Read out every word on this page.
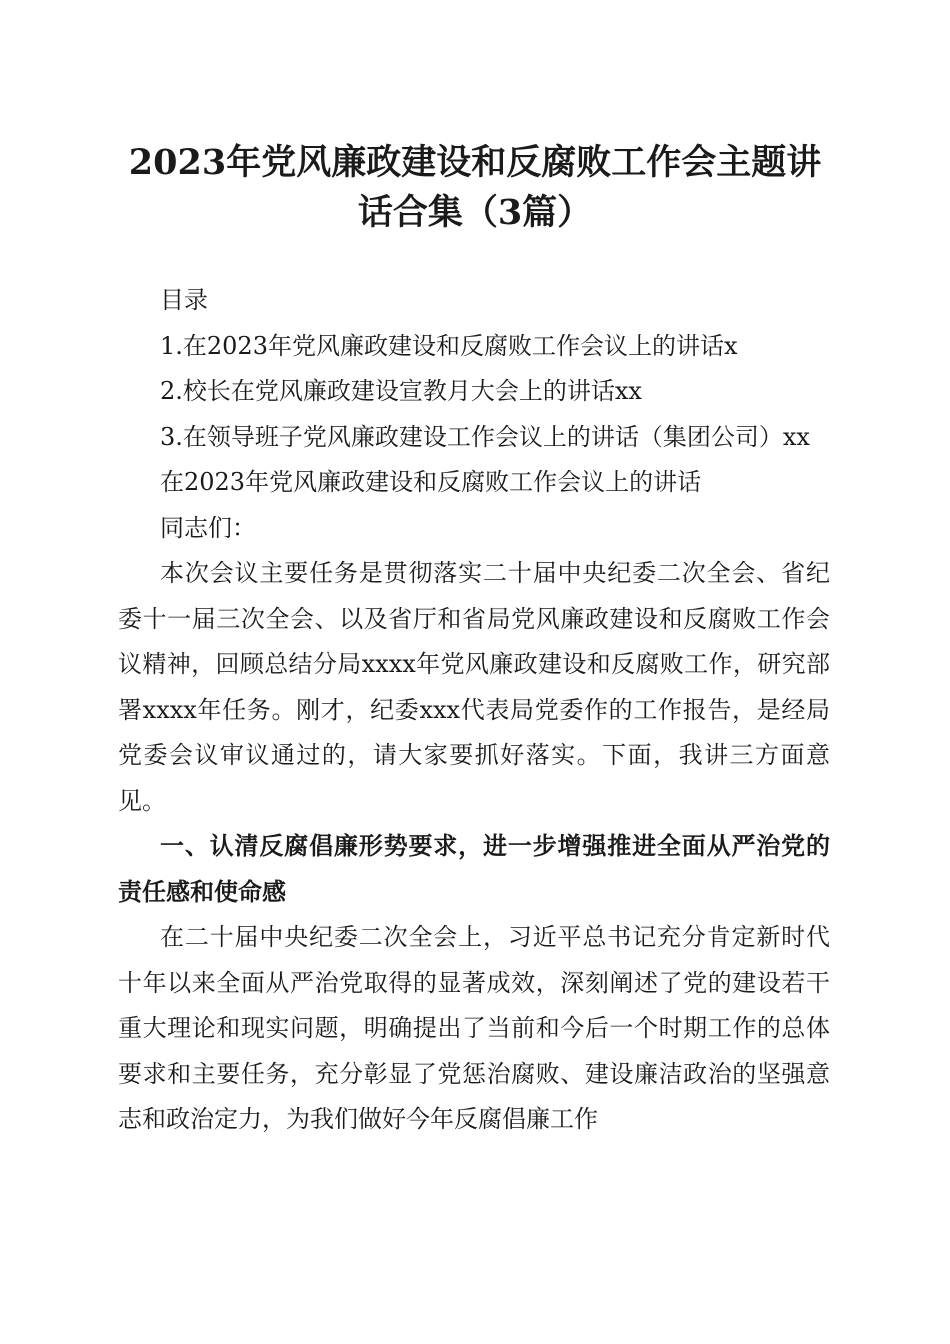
2023年党风廉政建设和反腐败工作会主题讲话合集（3篇）

目录

1.在2023年党风廉政建设和反腐败工作会议上的讲话x

2.校长在党风廉政建设宣教月大会上的讲话xx

3.在领导班子党风廉政建设工作会议上的讲话（集团公司）xx

在2023年党风廉政建设和反腐败工作会议上的讲话

同志们：

本次会议主要任务是贯彻落实二十届中央纪委二次全会、省纪委十一届三次全会、以及省厅和省局党风廉政建设和反腐败工作会议精神，回顾总结分局xxxx年党风廉政建设和反腐败工作，研究部署xxxx年任务。刚才，纪委xxx代表局党委作的工作报告，是经局党委会议审议通过的，请大家要抓好落实。下面，我讲三方面意见。

一、认清反腐倡廉形势要求，进一步增强推进全面从严治党的责任感和使命感

在二十届中央纪委二次全会上，习近平总书记充分肯定新时代十年以来全面从严治党取得的显著成效，深刻阐述了党的建设若干重大理论和现实问题，明确提出了当前和今后一个时期工作的总体要求和主要任务，充分彰显了党惩治腐败、建设廉洁政治的坚强意志和政治定力，为我们做好今年反腐倡廉工作
